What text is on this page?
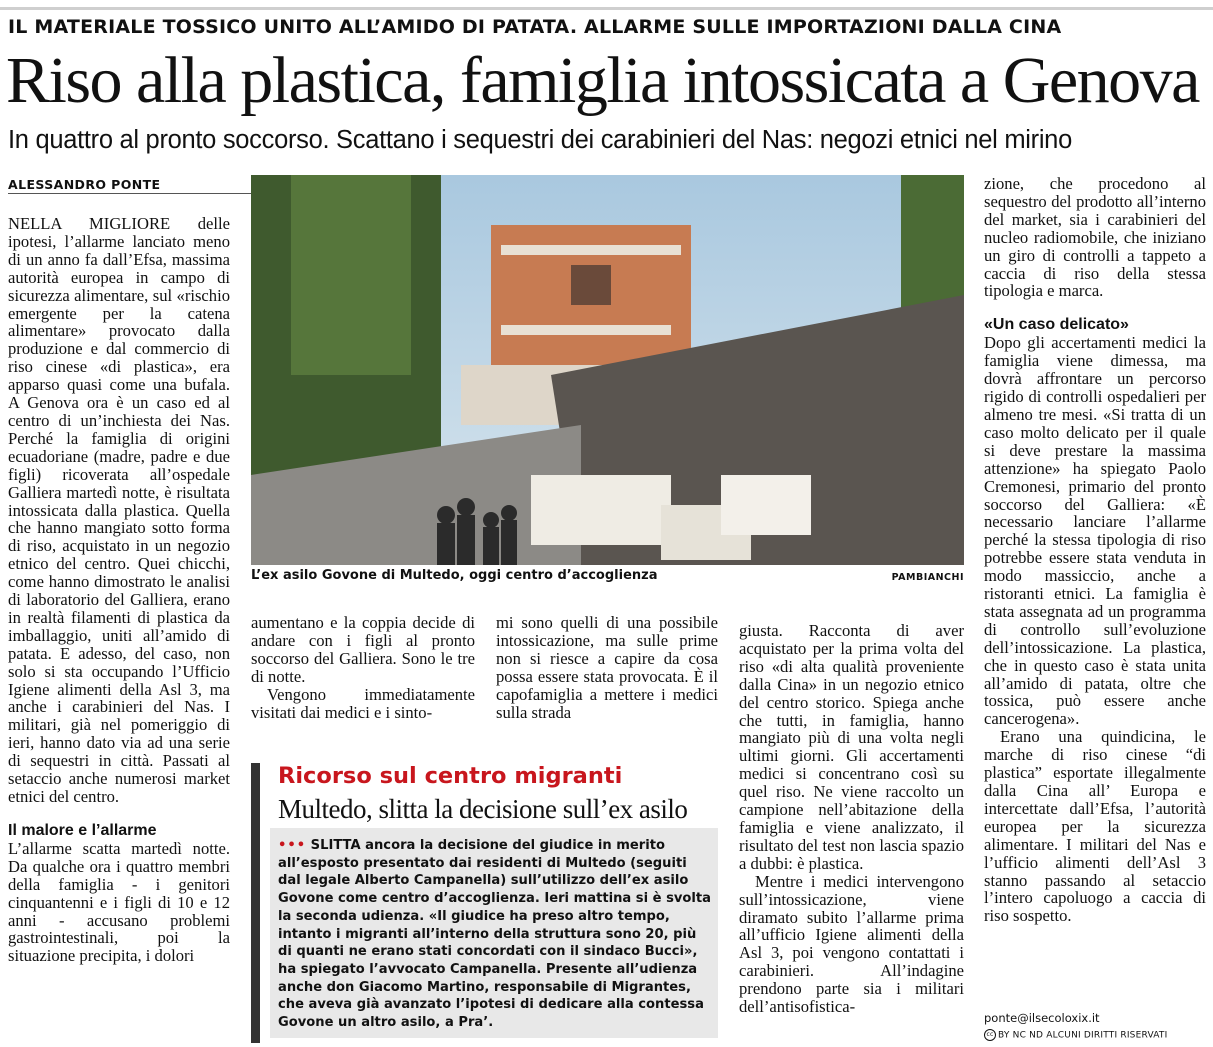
IL MATERIALE TOSSICO UNITO ALL’AMIDO DI PATATA. ALLARME SULLE IMPORTAZIONI DALLA CINA
Riso alla plastica, famiglia intossicata a Genova
In quattro al pronto soccorso. Scattano i sequestri dei carabinieri del Nas: negozi etnici nel mirino
ALESSANDRO PONTE

NELLA MIGLIORE delle ipotesi, l’allarme lanciato meno di un anno fa dall’Efsa, massima autorità europea in campo di sicurezza alimentare, sul «rischio emergente per la catena alimentare» provocato dalla produzione e dal commercio di riso cinese «di plastica», era apparso quasi come una bufala. A Genova ora è un caso ed al centro di un’inchiesta dei Nas. Perché la famiglia di origini ecuadoriane (madre, padre e due figli) ricoverata all’ospedale Galliera martedì notte, è risultata intossicata dalla plastica. Quella che hanno mangiato sotto forma di riso, acquistato in un negozio etnico del centro. Quei chicchi, come hanno dimostrato le analisi di laboratorio del Galliera, erano in realtà filamenti di plastica da imballaggio, uniti all’amido di patata. E adesso, del caso, non solo si sta occupando l’Ufficio Igiene alimenti della Asl 3, ma anche i carabinieri del Nas. I militari, già nel pomeriggio di ieri, hanno dato via ad una serie di sequestri in città. Passati al setaccio anche numerosi market etnici del centro.

Il malore e l’allarme

L’allarme scatta martedì notte. Da qualche ora i quattro membri della famiglia - i genitori cinquantenni e i figli di 10 e 12 anni - accusano problemi gastrointestinali, poi la situazione precipita, i dolori

L’ex asilo Govone di Multedo, oggi centro d’accoglienza	PAMBIANCHI

aumentano e la coppia decide di andare con i figli al pronto soccorso del Galliera. Sono le tre di notte.

Vengono immediatamente visitati dai medici e i sinto-

mi sono quelli di una possibile intossicazione, ma sulle prime non si riesce a capire da cosa possa essere stata provocata. È il capofamiglia a mettere i medici sulla strada

Ricorso sul centro migranti
Multedo, slitta la decisione sull’ex asilo
••• SLITTA ancora la decisione del giudice in merito all’esposto presentato dai residenti di Multedo (seguiti dal legale Alberto Campanella) sull’utilizzo dell’ex asilo Govone come centro d’accoglienza. Ieri mattina si è svolta la seconda udienza. «Il giudice ha preso altro tempo, intanto i migranti all’interno della struttura sono 20, più di quanti ne erano stati concordati con il sindaco Bucci», ha spiegato l’avvocato Campanella. Presente all’udienza anche don Giacomo Martino, responsabile di Migrantes, che aveva già avanzato l’ipotesi di dedicare alla contessa Govone un altro asilo, a Pra’.

giusta. Racconta di aver acquistato per la prima volta del riso «di alta qualità proveniente dalla Cina» in un negozio etnico del centro storico. Spiega anche che tutti, in famiglia, hanno mangiato più di una volta negli ultimi giorni. Gli accertamenti medici si concentrano così su quel riso. Ne viene raccolto un campione nell’abitazione della famiglia e viene analizzato, il risultato del test non lascia spazio a dubbi: è plastica.

Mentre i medici intervengono sull’intossicazione, viene diramato subito l’allarme prima all’ufficio Igiene alimenti della Asl 3, poi vengono contattati i carabinieri. All’indagine prendono parte sia i militari dell’antisofistica-

zione, che procedono al sequestro del prodotto all’interno del market, sia i carabinieri del nucleo radiomobile, che iniziano un giro di controlli a tappeto a caccia di riso della stessa tipologia e marca.

«Un caso delicato»

Dopo gli accertamenti medici la famiglia viene dimessa, ma dovrà affrontare un percorso rigido di controlli ospedalieri per almeno tre mesi. «Si tratta di un caso molto delicato per il quale si deve prestare la massima attenzione» ha spiegato Paolo Cremonesi, primario del pronto soccorso del Galliera: «È necessario lanciare l’allarme perché la stessa tipologia di riso potrebbe essere stata venduta in modo massiccio, anche a ristoranti etnici. La famiglia è stata assegnata ad un programma di controllo sull’evoluzione dell’intossicazione. La plastica, che in questo caso è stata unita all’amido di patata, oltre che tossica, può essere anche cancerogena».

Erano una quindicina, le marche di riso cinese “di plastica” esportate illegalmente dalla Cina all’ Europa e intercettate dall’Efsa, l’autorità europea per la sicurezza alimentare. I militari del Nas e l’ufficio alimenti dell’Asl 3 stanno passando al setaccio l’intero capoluogo a caccia di riso sospetto.

ponte@ilsecoloxix.it
cc BY NC ND ALCUNI DIRITTI RISERVATI
